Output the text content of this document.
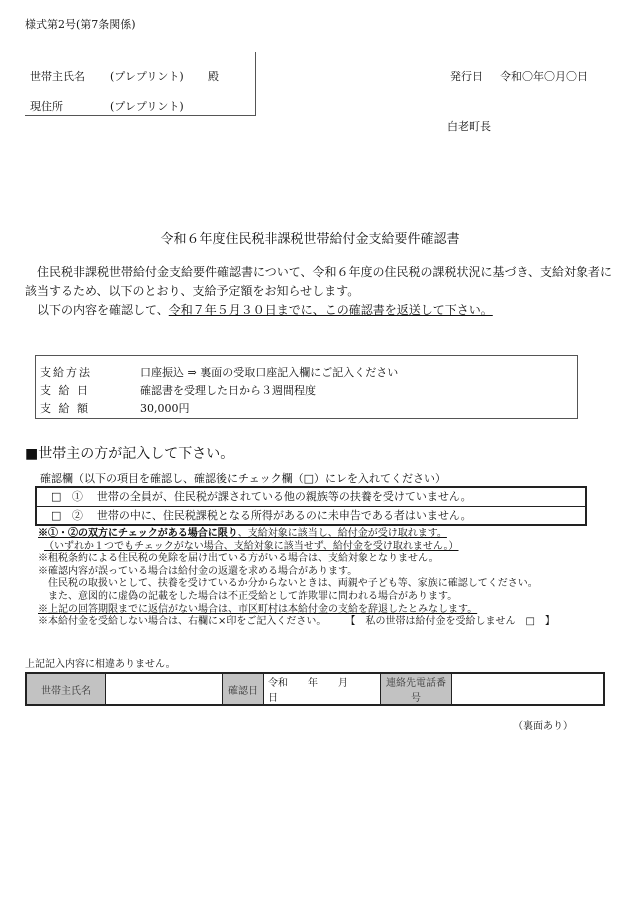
様式第2号(第7条関係)
世帯主氏名 (プレプリント) 殿
現住所	(プレプリント)
発行日 令和〇年〇月〇日
白老町長
令和６年度住民税非課税世帯給付金支給要件確認書
住民税非課税世帯給付金支給要件確認書について、令和６年度の住民税の課税状況に基づき、支給対象者に
該当するため、以下のとおり、支給予定額をお知らせします。
以下の内容を確認して、令和７年５月３０日までに、この確認書を返送して下さい。
支給方法	口座振込 ⇒ 裏面の受取口座記入欄にご記入ください
支 給 日	確認書を受理した日から３週間程度
支 給 額	30,000円
■世帯主の方が記入して下さい。
確認欄（以下の項目を確認し、確認後にチェック欄（□）にレを入れてください）
□ ① 世帯の全員が、住民税が課されている他の親族等の扶養を受けていません。
□ ② 世帯の中に、住民税課税となる所得があるのに未申告である者はいません。
※①・②の双方にチェックがある場合に限り、支給対象に該当し、給付金が受け取れます。
（いずれか１つでもチェックがない場合、支給対象に該当せず、給付金を受け取れません。）
※租税条約による住民税の免除を届け出ている方がいる場合は、支給対象となりません。
※確認内容が誤っている場合は給付金の返還を求める場合があります。
住民税の取扱いとして、扶養を受けているか分からないときは、両親や子ども等、家族に確認してください。
また、意図的に虚偽の記載をした場合は不正受給として詐欺罪に問われる場合があります。
※上記の回答期限までに返信がない場合は、市区町村は本給付金の支給を辞退したとみなします。
※本給付金を受給しない場合は、右欄に×印をご記入ください。 【　私の世帯は給付金を受給しません　□　】
上記記入内容に相違ありません。
世帯主氏名		確認日	令和　　年　　月　　日	連絡先電話番号	
（裏面あり）
